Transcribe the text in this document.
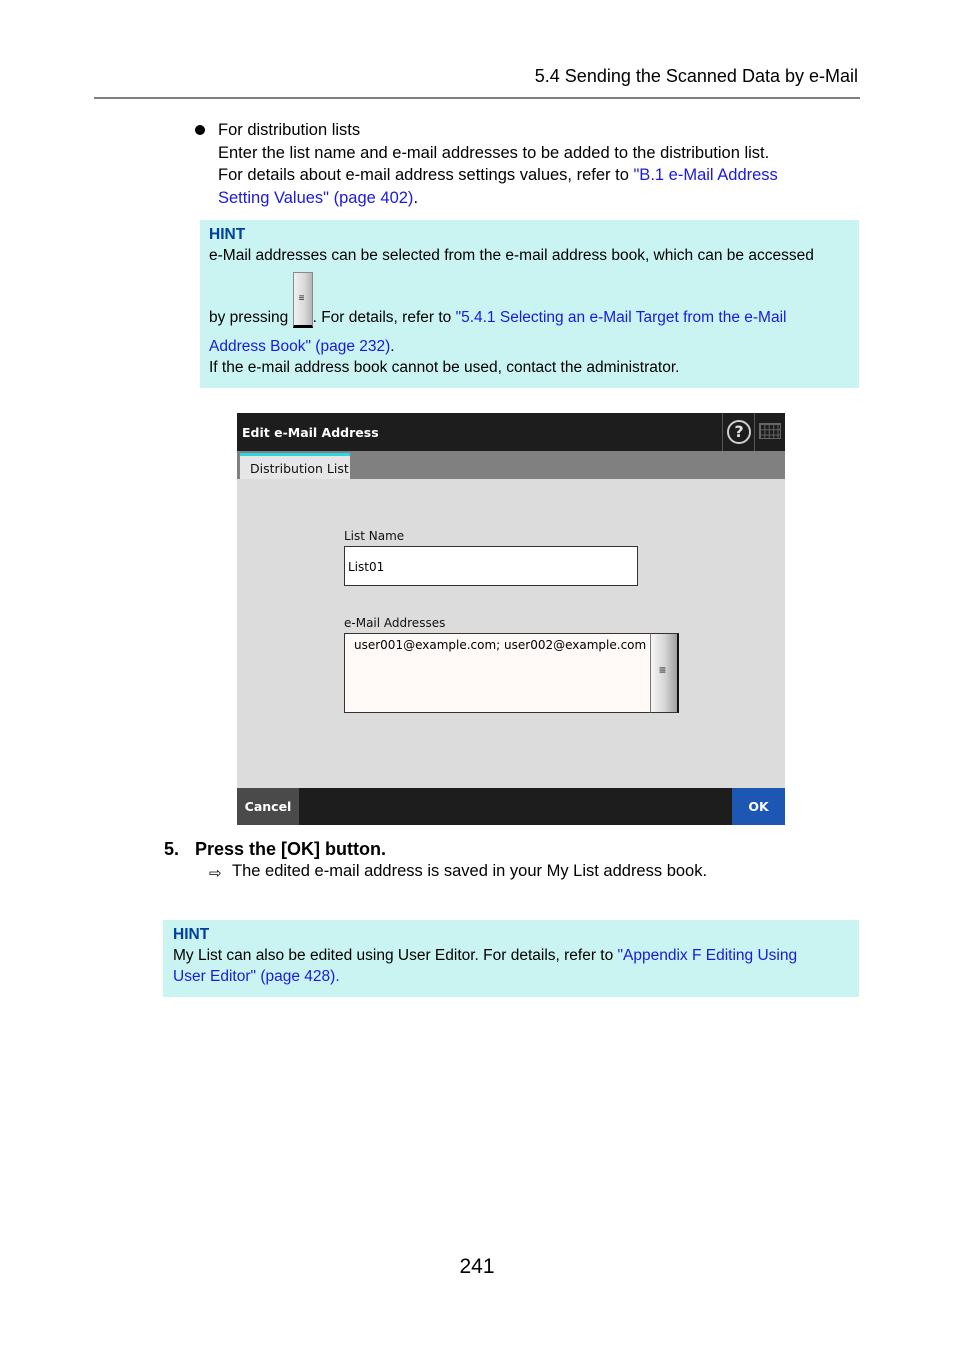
5.4 Sending the Scanned Data by e-Mail
For distribution lists
Enter the list name and e-mail addresses to be added to the distribution list.
For details about e-mail address settings values, refer to "B.1 e-Mail Address
Setting Values" (page 402).
HINT
e-Mail addresses can be selected from the e-mail address book, which can be accessed
by pressing
≡
. For details, refer to "5.4.1 Selecting an e-Mail Target from the e-Mail
Address Book" (page 232).
If the e-mail address book cannot be used, contact the administrator.
Edit e-Mail Address	?
Distribution List
List Name
List01
e-Mail Addresses
user001@example.com; user002@example.com
≡
Cancel	OK
5. Press the [OK] button.
⇨ The edited e-mail address is saved in your My List address book.
HINT
My List can also be edited using User Editor. For details, refer to "Appendix F Editing Using
User Editor" (page 428).
241
